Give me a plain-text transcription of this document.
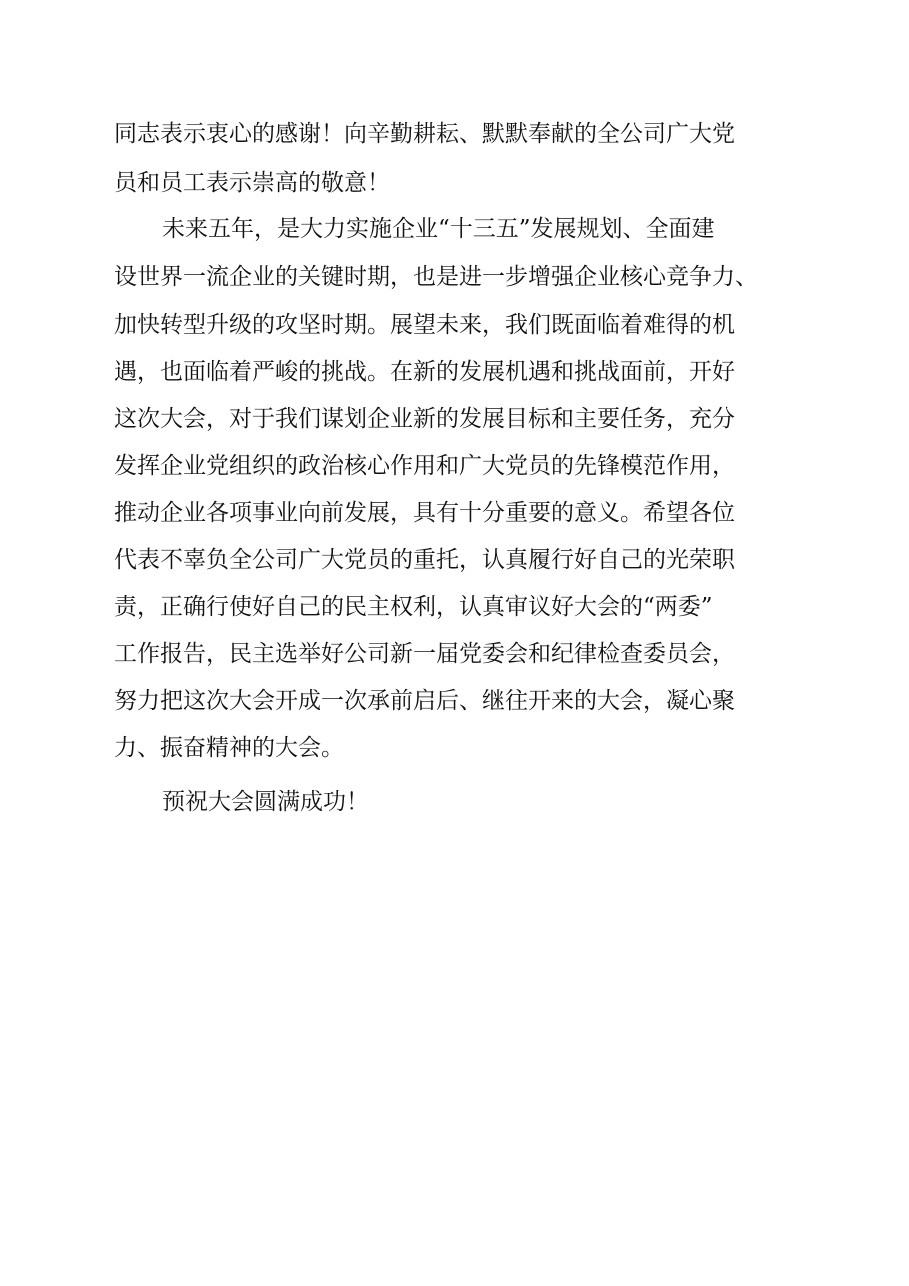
同志表示衷心的感谢！向辛勤耕耘、默默奉献的全公司广大党

员和员工表示崇高的敬意！

未来五年，是大力实施企业“十三五”发展规划、全面建

设世界一流企业的关键时期，也是进一步增强企业核心竞争力、

加快转型升级的攻坚时期。展望未来，我们既面临着难得的机

遇，也面临着严峻的挑战。在新的发展机遇和挑战面前，开好

这次大会，对于我们谋划企业新的发展目标和主要任务，充分

发挥企业党组织的政治核心作用和广大党员的先锋模范作用，

推动企业各项事业向前发展，具有十分重要的意义。希望各位

代表不辜负全公司广大党员的重托，认真履行好自己的光荣职

责，正确行使好自己的民主权利，认真审议好大会的“两委”

工作报告，民主选举好公司新一届党委会和纪律检查委员会，

努力把这次大会开成一次承前启后、继往开来的大会，凝心聚

力、振奋精神的大会。

预祝大会圆满成功！
